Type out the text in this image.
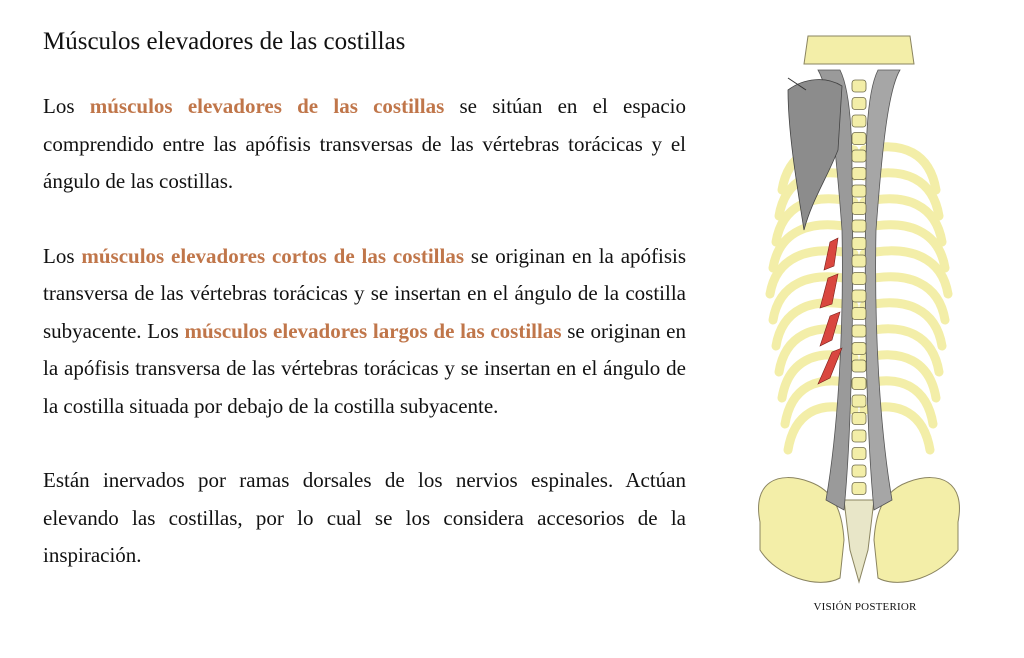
Músculos elevadores de las costillas

Los músculos elevadores de las costillas se sitúan en el espacio comprendido entre las apófisis transversas de las vértebras torácicas y el ángulo de las costillas.

Los músculos elevadores cortos de las costillas se originan en la apófisis transversa de las vértebras torácicas y se insertan en el ángulo de la costilla subyacente. Los músculos elevadores largos de las costillas se originan en la apófisis transversa de las vértebras torácicas y se insertan en el ángulo de la costilla situada por debajo de la costilla subyacente.

Están inervados por ramas dorsales de los nervios espinales. Actúan elevando las costillas, por lo cual se los considera accesorios de la inspiración.

VISIÓN POSTERIOR
